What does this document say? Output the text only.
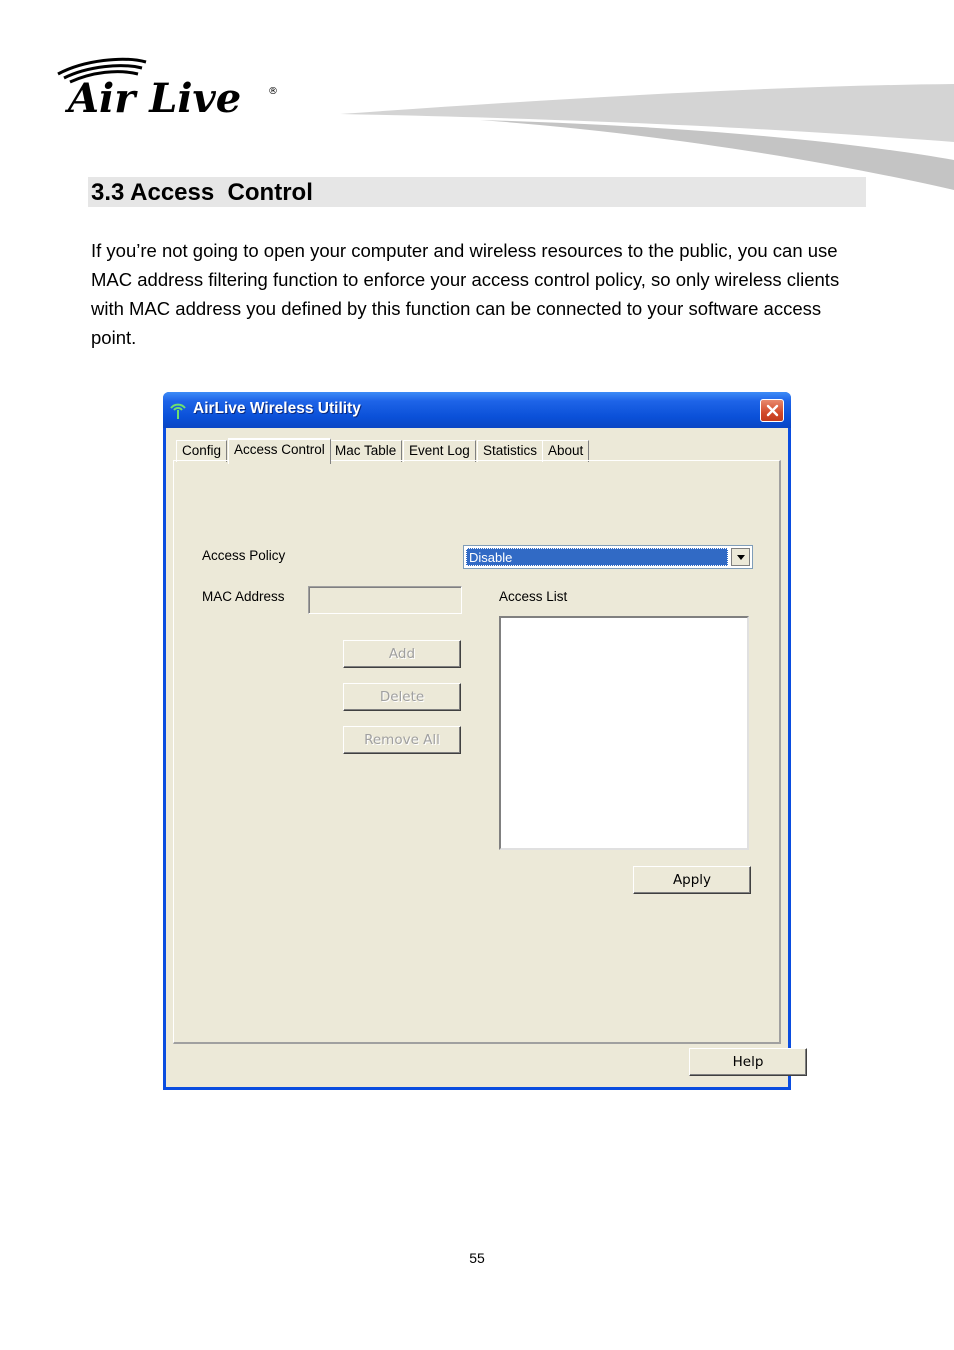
Air Live	®
3.3 Access  Control

If you’re not going to open your computer and wireless resources to the public, you can use MAC address filtering function to enforce your access control policy, so only wireless clients with MAC address you defined by this function can be connected to your software access point.

AirLive Wireless Utility
Config Access Control Mac Table Event Log Statistics About
Access Policy	Disable
MAC Address	Access List
Add
Delete
Remove All
Apply
Help
55
